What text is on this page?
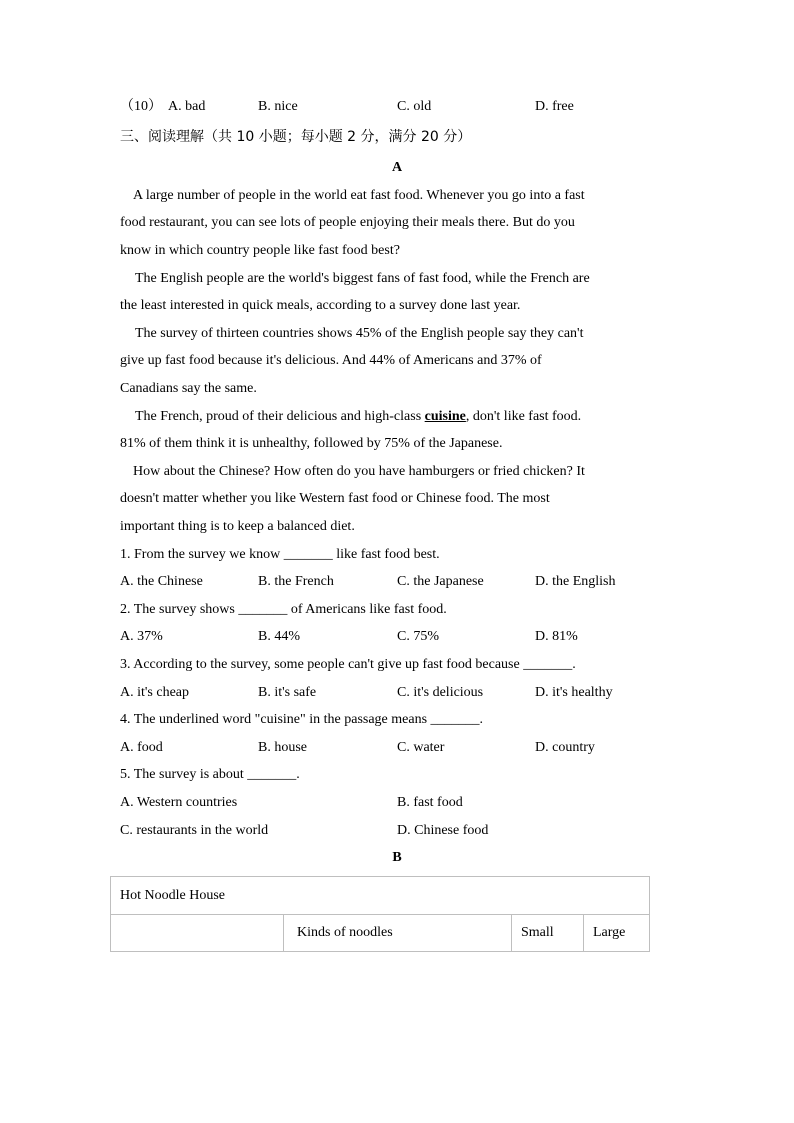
（10） A. bad	B. nice	C. old	D. free
三、阅读理解（共 10 小题；每小题 2 分，满分 20 分）
A
A large number of people in the world eat fast food. Whenever you go into a fast
food restaurant, you can see lots of people enjoying their meals there. But do you
know in which country people like fast food best?
The English people are the world's biggest fans of fast food, while the French are
the least interested in quick meals, according to a survey done last year.
The survey of thirteen countries shows 45% of the English people say they can't
give up fast food because it's delicious. And 44% of Americans and 37% of
Canadians say the same.
The French, proud of their delicious and high-class cuisine, don't like fast food.
81% of them think it is unhealthy, followed by 75% of the Japanese.
How about the Chinese? How often do you have hamburgers or fried chicken? It
doesn't matter whether you like Western fast food or Chinese food. The most
important thing is to keep a balanced diet.
1. From the survey we know _______ like fast food best.
A. the Chinese	B. the French	C. the Japanese	D. the English
2. The survey shows _______ of Americans like fast food.
A. 37%	B. 44%	C. 75%	D. 81%
3. According to the survey, some people can't give up fast food because _______.
A. it's cheap	B. it's safe	C. it's delicious	D. it's healthy
4. The underlined word "cuisine" in the passage means _______.
A. food	B. house	C. water	D. country
5. The survey is about _______.
A. Western countries	B. fast food
C. restaurants in the world	D. Chinese food
B
Hot Noodle House
	Kinds of noodles	Small	Large
